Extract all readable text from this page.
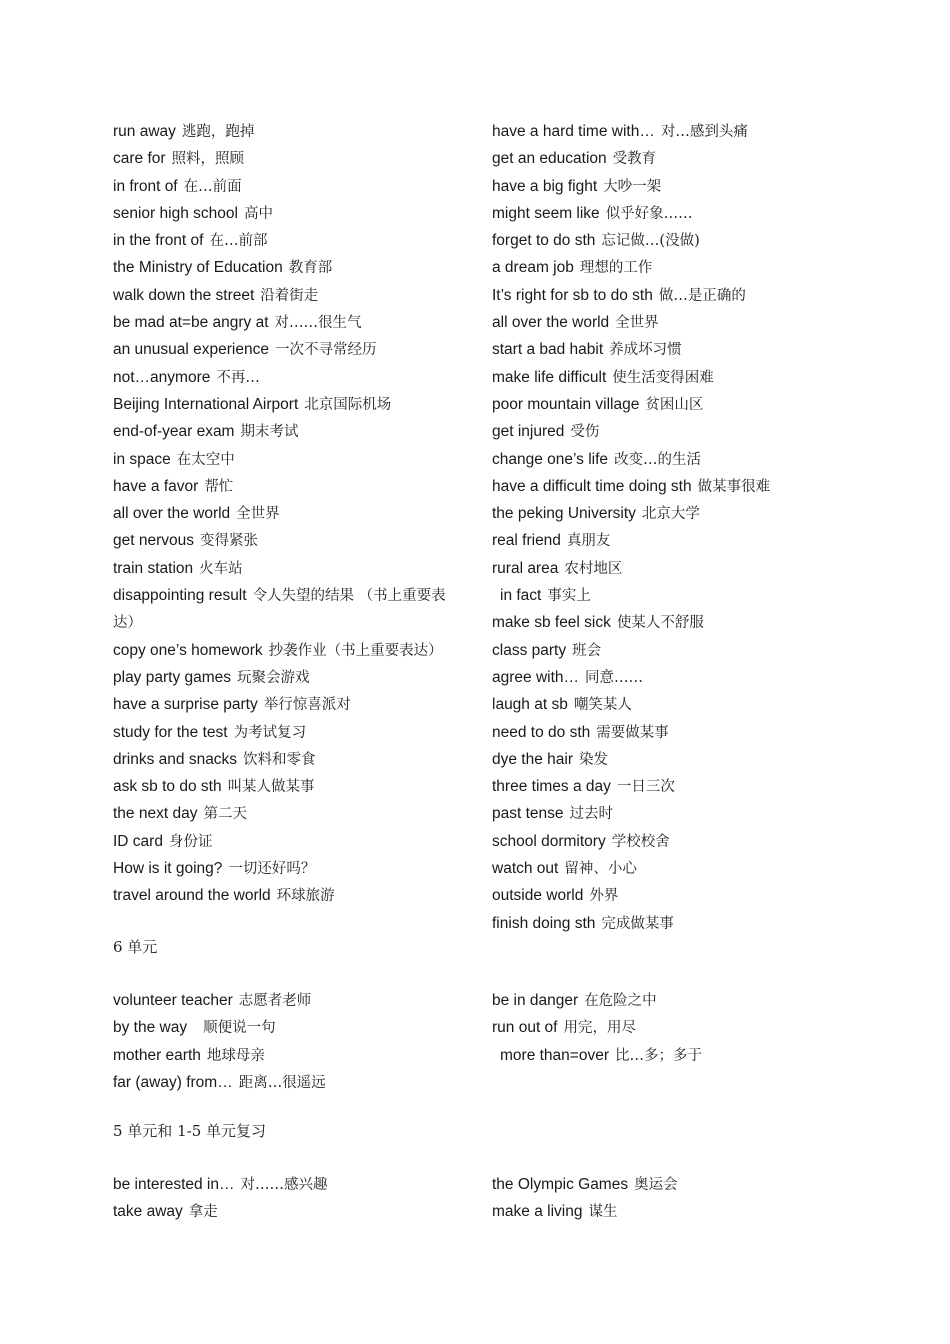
run away 逃跑，跑掉
care for 照料，照顾
in front of 在…前面
senior high school 高中
in the front of 在…前部
the Ministry of Education 教育部
walk down the street 沿着街走
be mad at=be angry at 对……很生气
an unusual experience 一次不寻常经历
not…anymore 不再…
Beijing International Airport 北京国际机场
end-of-year exam 期末考试
in space 在太空中
have a favor 帮忙
all over the world 全世界
get nervous 变得紧张
train station 火车站
disappointing result 令人失望的结果 （书上重要表达）
copy one’s homework 抄袭作业（书上重要表达）
play party games 玩聚会游戏
have a surprise party 举行惊喜派对
study for the test 为考试复习
drinks and snacks 饮料和零食
ask sb to do sth 叫某人做某事
the next day 第二天
ID card 身份证
How is it going? 一切还好吗？
travel around the world 环球旅游
have a hard time with… 对…感到头痛
get an education 受教育
have a big fight 大吵一架
might seem like 似乎好象……
forget to do sth 忘记做…(没做)
a dream job 理想的工作
It’s right for sb to do sth 做…是正确的
all over the world 全世界
start a bad habit 养成坏习惯
make life difficult 使生活变得困难
poor mountain village 贫困山区
get injured 受伤
change one’s life 改变…的生活
have a difficult time doing sth 做某事很难
the peking University 北京大学
real friend 真朋友
rural area 农村地区
in fact 事实上
make sb feel sick 使某人不舒服
class party 班会
agree with… 同意……
laugh at sb 嘲笑某人
need to do sth 需要做某事
dye the hair 染发
three times a day 一日三次
past tense 过去时
school dormitory 学校校舍
watch out 留神、小心
outside world 外界
finish doing sth 完成做某事
6 单元
volunteer teacher 志愿者老师
by the way 顺便说一句
mother earth 地球母亲
far (away) from… 距离…很遥远
be in danger 在危险之中
run out of 用完，用尽
more than=over 比…多；多于
5 单元和 1-5 单元复习
be interested in… 对……感兴趣
take away 拿走
the Olympic Games 奥运会
make a living 谋生
